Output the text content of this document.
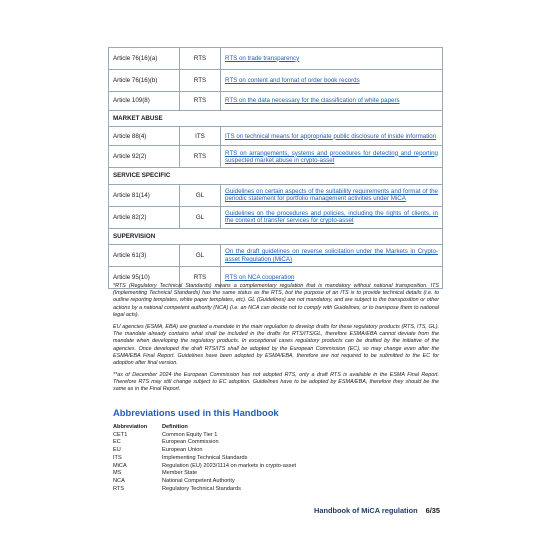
Article 76(16)(a)	RTS	RTS on trade transparency
Article 76(16)(b)	RTS	RTS on content and format of order book records
Article 109(8)	RTS	RTS on the data necessary for the classification of white papers
MARKET ABUSE		
Article 88(4)	ITS	ITS on technical means for appropriate public disclosure of inside information
Article 92(2)	RTS	RTS on arrangements, systems and procedures for detecting and reporting suspected market abuse in crypto-asset
SERVICE SPECIFIC		
Article 81(14)	GL	Guidelines on certain aspects of the suitability requirements and format of the periodic statement for portfolio management activities under MiCA
Article 82(2)	GL	Guidelines on the procedures and policies, including the rights of clients, in the context of transfer services for crypto-asset
SUPERVISION		
Article 61(3)	GL	On the draft guidelines on reverse solicitation under the Markets in Crypto-asset Regulation (MiCA)
Article 95(10)	RTS	RTS on NCA cooperation

*RTS (Regulatory Technical Standards) means a complementary regulation that is mandatory without national transposition. ITS (Implementing Technical Standards) has the same status as the RTS, but the purpose of an ITS is to provide technical details (i.e. to outline reporting templates, white paper templates, etc). GL (Guidelines) are not mandatory, and are subject to the transposition or other actions by a national competent authority (NCA) (i.e. an NCA can decide not to comply with Guidelines, or to transpose them to national legal acts).

EU agencies (ESMA, EBA) are granted a mandate in the main regulation to develop drafts for these regulatory products (RTS, ITS, GL). The mandate already contains what shall be included in the drafts for RTS/ITS/GL, therefore ESMA/EBA cannot deviate from the mandate when developing the regulatory products. In exceptional cases regulatory products can be drafted by the initiative of the agencies. Once developed the draft RTS/ITS shall be adopted by the European Commission (EC), so may change even after the ESMA/EBA Final Report. Guidelines have been adopted by ESMA/EBA, therefore are not required to be submitted to the EC for adoption after final version.

**as of December 2024 the European Commission has not adopted RTS, only a draft RTS is available in the ESMA Final Report. Therefore RTS may still change subject to EC adoption. Guidelines have to be adopted by ESMA/EBA, therefore they should be the same as in the Final Report.

Abbreviations used in this Handbook
Abbreviation	Definition
CET1	Common Equity Tier 1
EC	European Commission
EU	European Union
ITS	Implementing Technical Standards
MiCA	Regulation (EU) 2023/1114 on markets in crypto-asset
MS	Member State
NCA	National Competent Authority
RTS	Regulatory Technical Standards
Handbook of MiCA regulation 6/35
